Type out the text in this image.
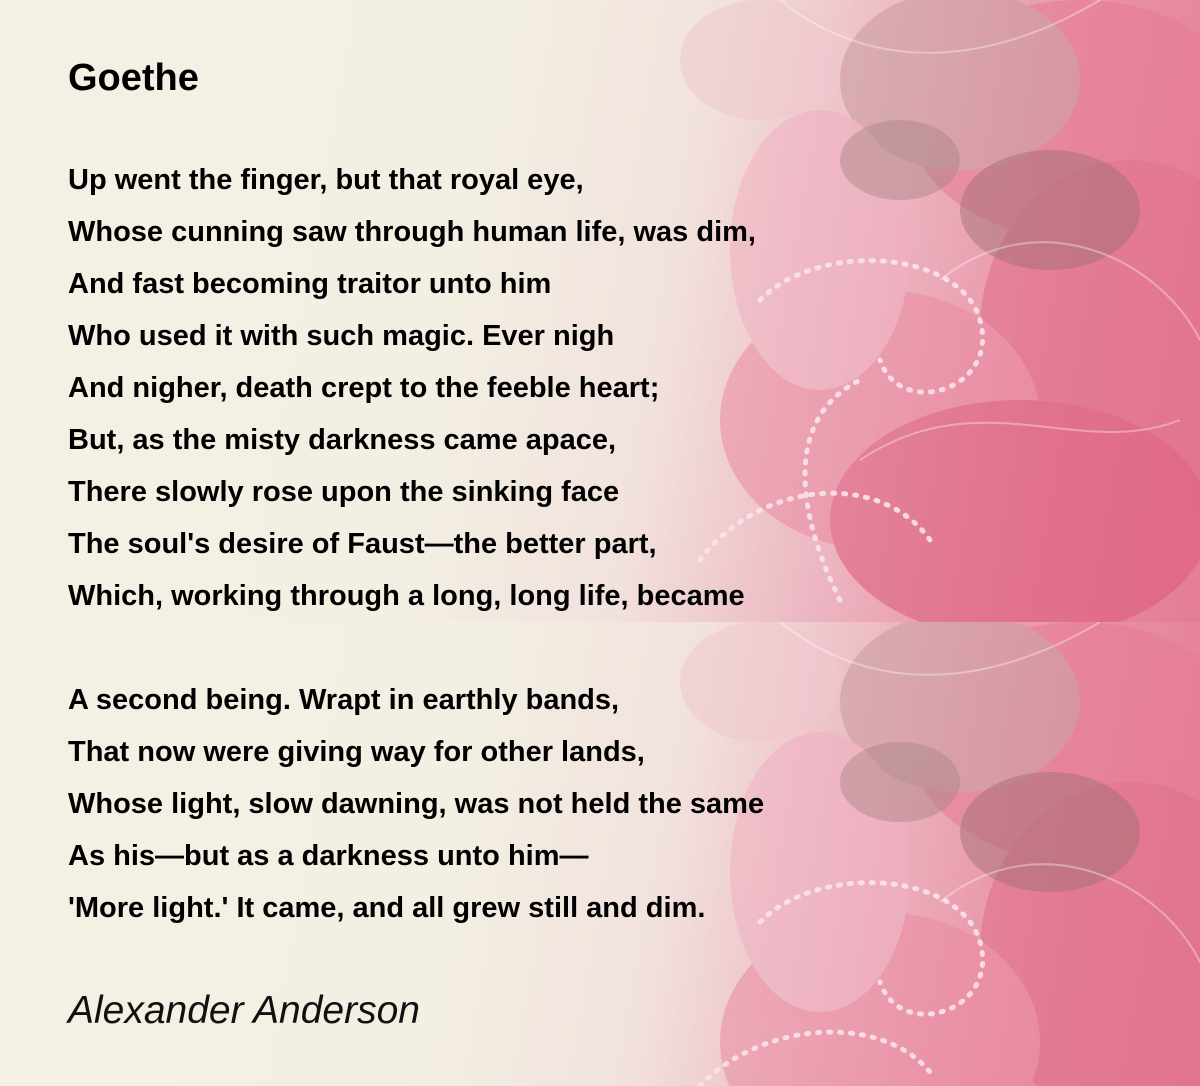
Goethe
Up went the finger, but that royal eye,
Whose cunning saw through human life, was dim,
And fast becoming traitor unto him
Who used it with such magic. Ever nigh
And nigher, death crept to the feeble heart;
But, as the misty darkness came apace,
There slowly rose upon the sinking face
The soul's desire of Faust—the better part,
Which, working through a long, long life, became
A second being. Wrapt in earthly bands,
That now were giving way for other lands,
Whose light, slow dawning, was not held the same
As his—but as a darkness unto him—
'More light.' It came, and all grew still and dim.

Alexander Anderson
